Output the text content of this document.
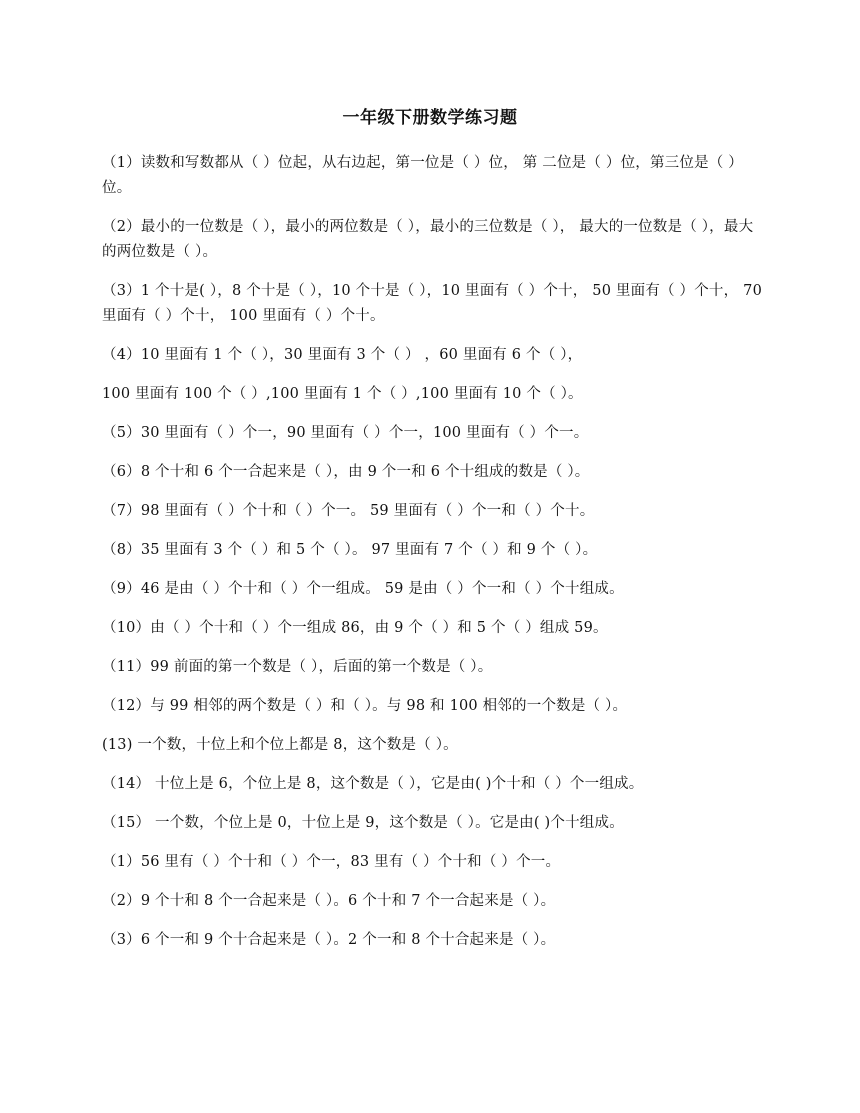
一年级下册数学练习题
（1）读数和写数都从（ ）位起，从右边起，第一位是（ ）位， 第 二位是（ ）位，第三位是（ ）位。
（2）最小的一位数是（ ），最小的两位数是（ ），最小的三位数是（ ）， 最大的一位数是（ ），最大的两位数是（ ）。
（3）1 个十是( ），8 个十是（ ），10 个十是（ ），10 里面有（ ）个十， 50 里面有（ ）个十， 70 里面有（ ）个十， 100 里面有（ ）个十。
（4）10 里面有 1 个（ ），30 里面有 3 个（ ） ，60 里面有 6 个（ ），
100 里面有 100 个（ ）,100 里面有 1 个（ ）,100 里面有 10 个（ ）。
（5）30 里面有（ ）个一，90 里面有（ ）个一，100 里面有（ ）个一。
（6）8 个十和 6 个一合起来是（ ），由 9 个一和 6 个十组成的数是（ ）。
（7）98 里面有（ ）个十和（ ）个一。 59 里面有（ ）个一和（ ）个十。
（8）35 里面有 3 个（ ）和 5 个（ ）。 97 里面有 7 个（ ）和 9 个（ ）。
（9）46 是由（ ）个十和（ ）个一组成。 59 是由（ ）个一和（ ）个十组成。
（10）由（ ）个十和（ ）个一组成 86，由 9 个（ ）和 5 个（ ）组成 59。
（11）99 前面的第一个数是（ ），后面的第一个数是（ ）。
（12）与 99 相邻的两个数是（ ）和（ ）。与 98 和 100 相邻的一个数是（ ）。
(13) 一个数，十位上和个位上都是 8，这个数是（ ）。
（14） 十位上是 6，个位上是 8，这个数是（ ），它是由( )个十和（ ）个一组成。
（15） 一个数，个位上是 0，十位上是 9，这个数是（ ）。它是由( )个十组成。
（1）56 里有（ ）个十和（ ）个一，83 里有（ ）个十和（ ）个一。
（2）9 个十和 8 个一合起来是（ ）。6 个十和 7 个一合起来是（ ）。
（3）6 个一和 9 个十合起来是（ ）。2 个一和 8 个十合起来是（ ）。
